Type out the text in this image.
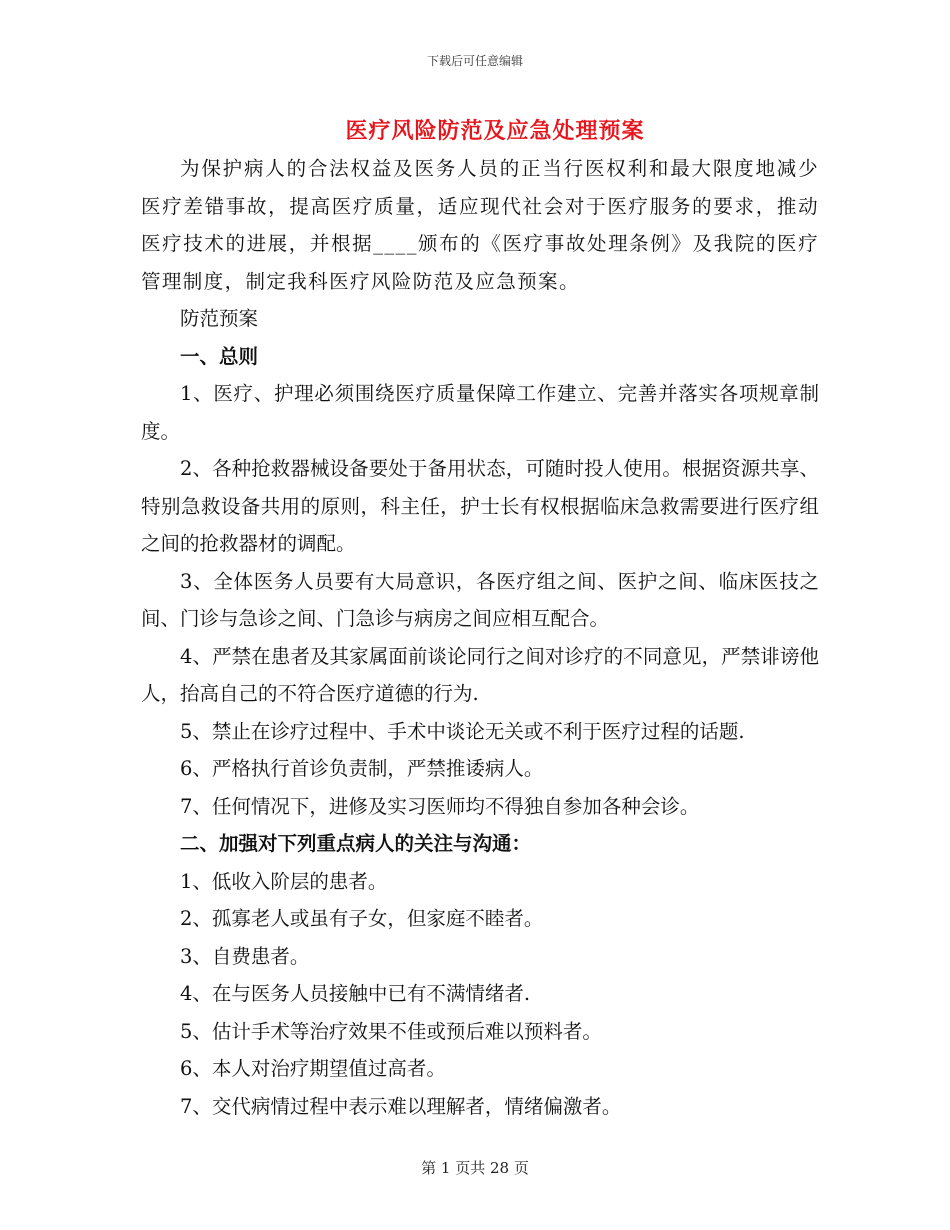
下载后可任意编辑
医疗风险防范及应急处理预案

为保护病人的合法权益及医务人员的正当行医权利和最大限度地减少医疗差错事故，提高医疗质量，适应现代社会对于医疗服务的要求，推动医疗技术的进展，并根据____颁布的《医疗事故处理条例》及我院的医疗管理制度，制定我科医疗风险防范及应急预案。

防范预案

一、总则

1、医疗、护理必须围绕医疗质量保障工作建立、完善并落实各项规章制度。

2、各种抢救器械设备要处于备用状态，可随时投人使用。根据资源共享、特别急救设备共用的原则，科主任，护士长有权根据临床急救需要进行医疗组之间的抢救器材的调配。

3、全体医务人员要有大局意识，各医疗组之间、医护之间、临床医技之间、门诊与急诊之间、门急诊与病房之间应相互配合。

4、严禁在患者及其家属面前谈论同行之间对诊疗的不同意见，严禁诽谤他人，抬高自己的不符合医疗道德的行为.

5、禁止在诊疗过程中、手术中谈论无关或不利于医疗过程的话题.

6、严格执行首诊负责制，严禁推诿病人。

7、任何情况下，进修及实习医师均不得独自参加各种会诊。

二、加强对下列重点病人的关注与沟通：

1、低收入阶层的患者。

2、孤寡老人或虽有子女，但家庭不睦者。

3、自费患者。

4、在与医务人员接触中已有不满情绪者.

5、估计手术等治疗效果不佳或预后难以预料者。

6、本人对治疗期望值过高者。

7、交代病情过程中表示难以理解者，情绪偏激者。

第 1 页共 28 页
